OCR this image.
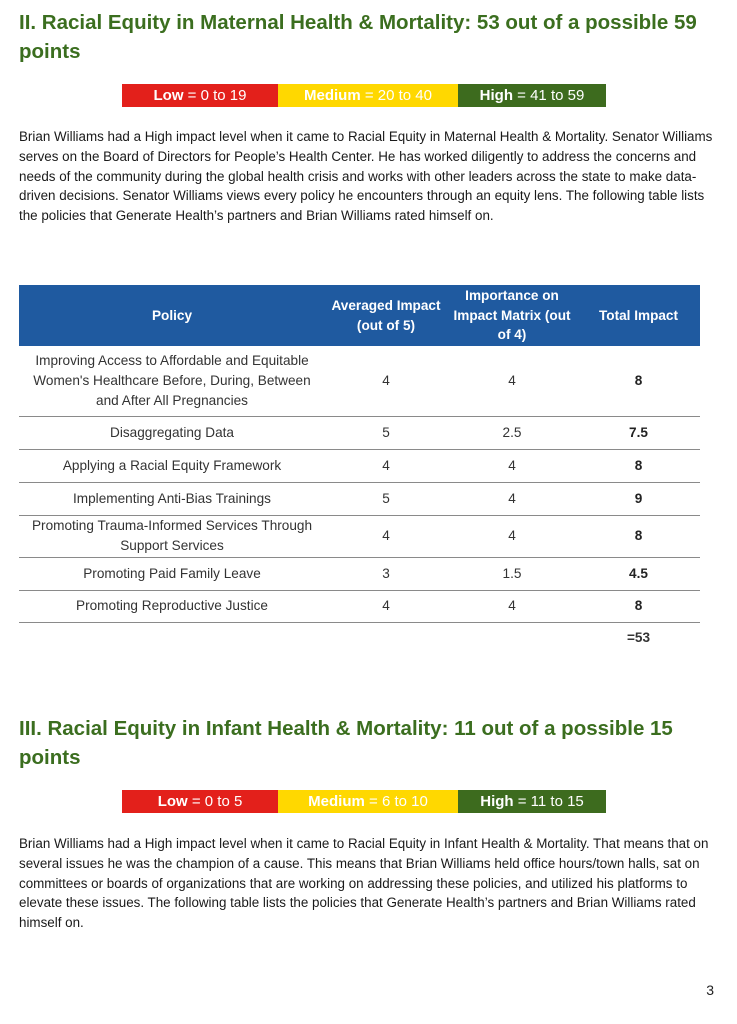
II. Racial Equity in Maternal Health & Mortality: 53 out of a possible 59 points
Low = 0 to 19	Medium = 20 to 40	High = 41 to 59

Brian Williams had a High impact level when it came to Racial Equity in Maternal Health & Mortality. Senator Williams serves on the Board of Directors for People’s Health Center. He has worked diligently to address the concerns and needs of the community during the global health crisis and works with other leaders across the state to make data-driven decisions. Senator Williams views every policy he encounters through an equity lens. The following table lists the policies that Generate Health’s partners and Brian Williams rated himself on.

Policy	Averaged Impact (out of 5)	Importance on Impact Matrix (out of 4)	Total Impact
Improving Access to Affordable and Equitable Women's Healthcare Before, During, Between and After All Pregnancies	4	4	8
Disaggregating Data	5	2.5	7.5
Applying a Racial Equity Framework	4	4	8
Implementing Anti-Bias Trainings	5	4	9
Promoting Trauma-Informed Services Through Support Services	4	4	8
Promoting Paid Family Leave	3	1.5	4.5
Promoting Reproductive Justice	4	4	8
			=53
III. Racial Equity in Infant Health & Mortality: 11 out of a possible 15 points
Low = 0 to 5	Medium = 6 to 10	High = 11 to 15

Brian Williams had a High impact level when it came to Racial Equity in Infant Health & Mortality. That means that on several issues he was the champion of a cause. This means that Brian Williams held office hours/town halls, sat on committees or boards of organizations that are working on addressing these policies, and utilized his platforms to elevate these issues. The following table lists the policies that Generate Health’s partners and Brian Williams rated himself on.

3
